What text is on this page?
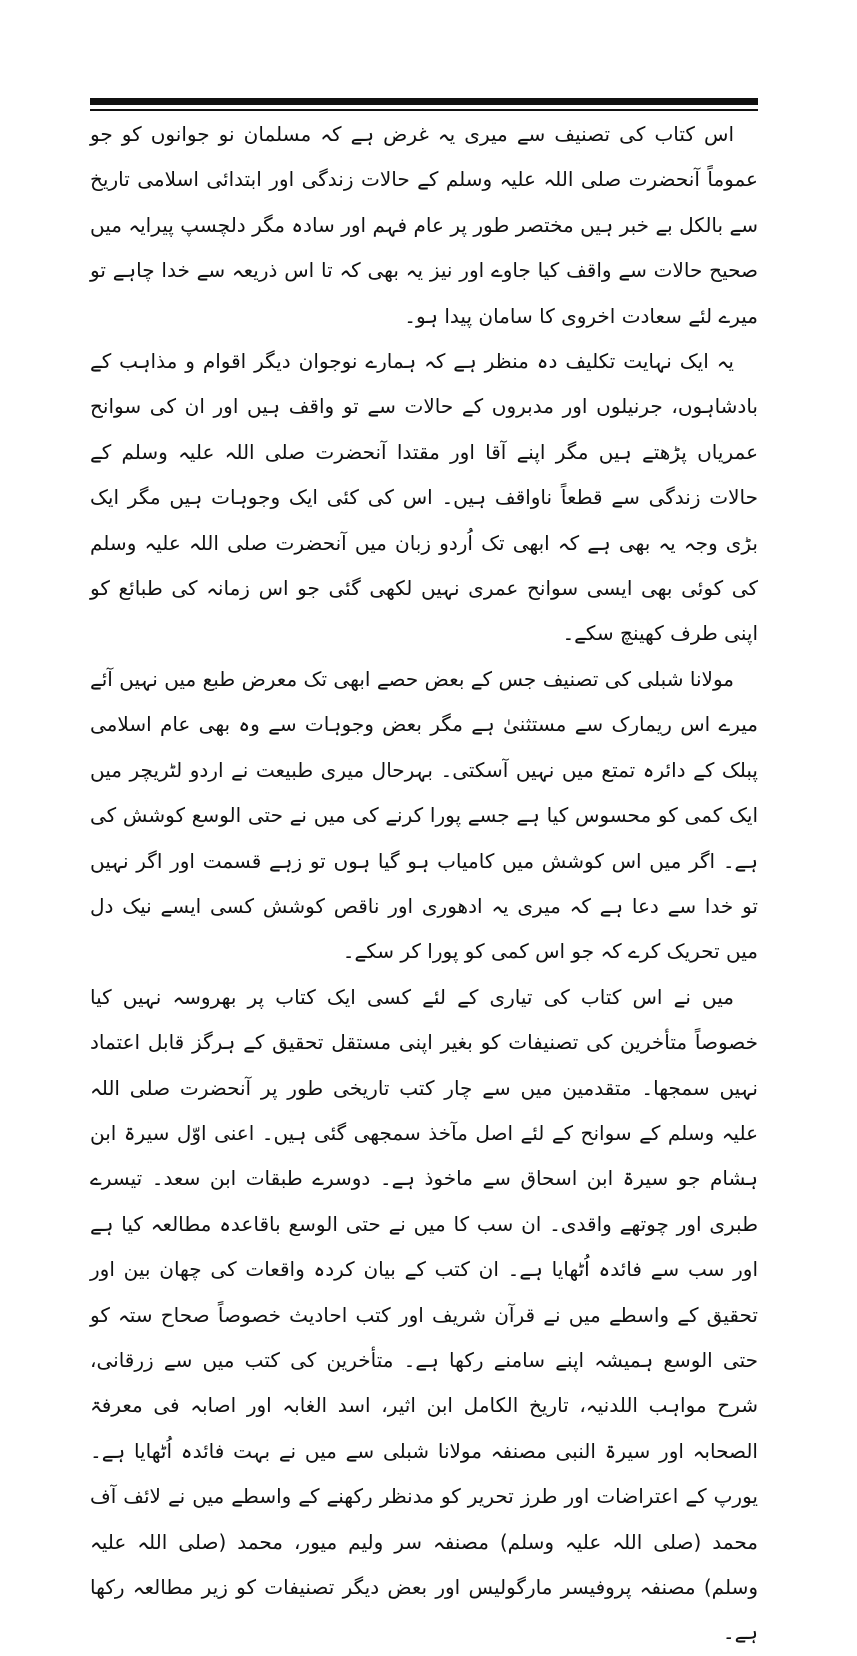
اس کتاب کی تصنیف سے میری یہ غرض ہے کہ مسلمان نو جوانوں کو جو عموماً آنحضرت صلی اللہ علیہ وسلم کے حالات زندگی اور ابتدائی اسلامی تاریخ سے بالکل بے خبر ہیں مختصر طور پر عام فہم اور سادہ مگر دلچسپ پیرایہ میں صحیح حالات سے واقف کیا جاوے اور نیز یہ بھی کہ تا اس ذریعہ سے خدا چاہے تو میرے لئے سعادت اخروی کا سامان پیدا ہو۔

یہ ایک نہایت تکلیف دہ منظر ہے کہ ہمارے نوجوان دیگر اقوام و مذاہب کے بادشاہوں، جرنیلوں اور مدبروں کے حالات سے تو واقف ہیں اور ان کی سوانح عمریاں پڑھتے ہیں مگر اپنے آقا اور مقتدا آنحضرت صلی اللہ علیہ وسلم کے حالات زندگی سے قطعاً ناواقف ہیں۔ اس کی کئی ایک وجوہات ہیں مگر ایک بڑی وجہ یہ بھی ہے کہ ابھی تک اُردو زبان میں آنحضرت صلی اللہ علیہ وسلم کی کوئی بھی ایسی سوانح عمری نہیں لکھی گئی جو اس زمانہ کی طبائع کو اپنی طرف کھینچ سکے۔

مولانا شبلی کی تصنیف جس کے بعض حصے ابھی تک معرض طبع میں نہیں آئے میرے اس ریمارک سے مستثنیٰ ہے مگر بعض وجوہات سے وہ بھی عام اسلامی پبلک کے دائرہ تمتع میں نہیں آسکتی۔ بہرحال میری طبیعت نے اردو لٹریچر میں ایک کمی کو محسوس کیا ہے جسے پورا کرنے کی میں نے حتی الوسع کوشش کی ہے۔ اگر میں اس کوشش میں کامیاب ہو گیا ہوں تو زہے قسمت اور اگر نہیں تو خدا سے دعا ہے کہ میری یہ ادھوری اور ناقص کوشش کسی ایسے نیک دل میں تحریک کرے کہ جو اس کمی کو پورا کر سکے۔

میں نے اس کتاب کی تیاری کے لئے کسی ایک کتاب پر بھروسہ نہیں کیا خصوصاً متأخرین کی تصنیفات کو بغیر اپنی مستقل تحقیق کے ہرگز قابل اعتماد نہیں سمجھا۔ متقدمین میں سے چار کتب تاریخی طور پر آنحضرت صلی اللہ علیہ وسلم کے سوانح کے لئے اصل مآخذ سمجھی گئی ہیں۔ اعنی اوّل سیرۃ ابن ہشام جو سیرۃ ابن اسحاق سے ماخوذ ہے۔ دوسرے طبقات ابن سعد۔ تیسرے طبری اور چوتھے واقدی۔ ان سب کا میں نے حتی الوسع باقاعدہ مطالعہ کیا ہے اور سب سے فائدہ اُٹھایا ہے۔ ان کتب کے بیان کردہ واقعات کی چھان بین اور تحقیق کے واسطے میں نے قرآن شریف اور کتب احادیث خصوصاً صحاح ستہ کو حتی الوسع ہمیشہ اپنے سامنے رکھا ہے۔ متأخرین کی کتب میں سے زرقانی، شرح مواہب اللدنیہ، تاریخ الکامل ابن اثیر، اسد الغابہ اور اصابہ فی معرفۃ الصحابہ اور سیرۃ النبی مصنفہ مولانا شبلی سے میں نے بہت فائدہ اُٹھایا ہے۔ یورپ کے اعتراضات اور طرز تحریر کو مدنظر رکھنے کے واسطے میں نے لائف آف محمد (صلی اللہ علیہ وسلم) مصنفہ سر ولیم میور، محمد (صلی اللہ علیہ وسلم) مصنفہ پروفیسر مارگولیس اور بعض دیگر تصنیفات کو زیر مطالعہ رکھا ہے۔
